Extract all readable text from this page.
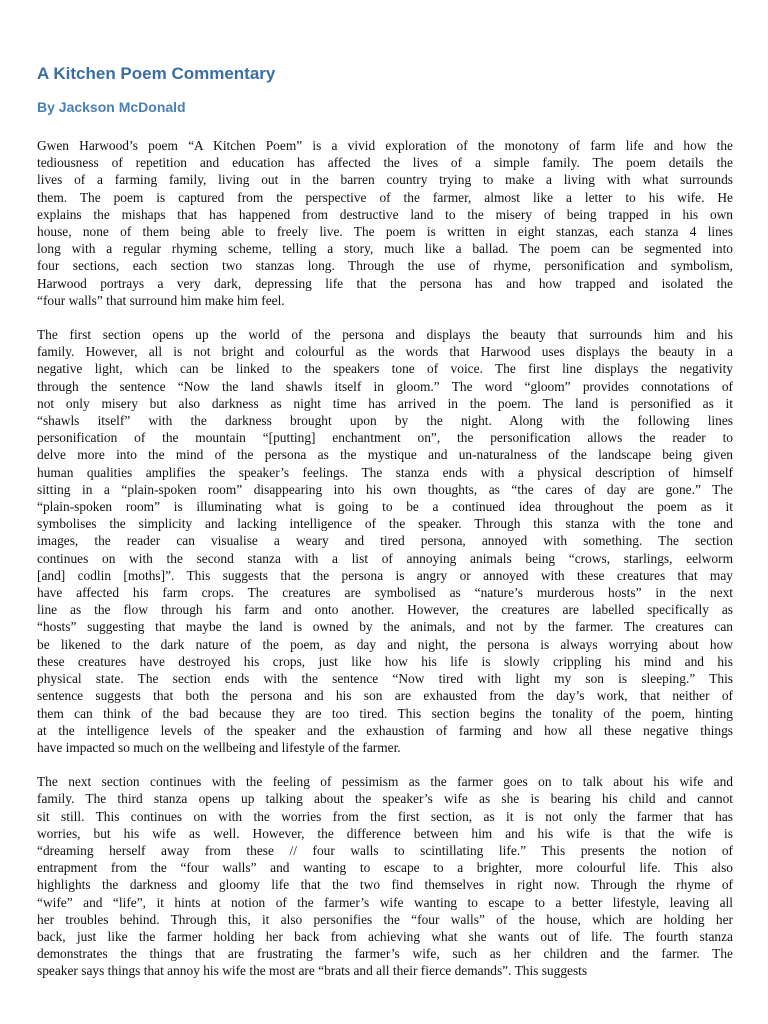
A Kitchen Poem Commentary
By Jackson McDonald
Gwen Harwood’s poem “A Kitchen Poem” is a vivid exploration of the monotony of farm life and how the
tediousness of repetition and education has affected the lives of a simple family. The poem details the
lives of a farming family, living out in the barren country trying to make a living with what surrounds
them. The poem is captured from the perspective of the farmer, almost like a letter to his wife. He
explains the mishaps that has happened from destructive land to the misery of being trapped in his own
house, none of them being able to freely live. The poem is written in eight stanzas, each stanza 4 lines
long with a regular rhyming scheme, telling a story, much like a ballad. The poem can be segmented into
four sections, each section two stanzas long. Through the use of rhyme, personification and symbolism,
Harwood portrays a very dark, depressing life that the persona has and how trapped and isolated the
“four walls” that surround him make him feel.
The first section opens up the world of the persona and displays the beauty that surrounds him and his
family. However, all is not bright and colourful as the words that Harwood uses displays the beauty in a
negative light, which can be linked to the speakers tone of voice. The first line displays the negativity
through the sentence “Now the land shawls itself in gloom.” The word “gloom” provides connotations of
not only misery but also darkness as night time has arrived in the poem. The land is personified as it
“shawls itself” with the darkness brought upon by the night. Along with the following lines
personification of the mountain “[putting] enchantment on”, the personification allows the reader to
delve more into the mind of the persona as the mystique and un-naturalness of the landscape being given
human qualities amplifies the speaker’s feelings. The stanza ends with a physical description of himself
sitting in a “plain-spoken room” disappearing into his own thoughts, as “the cares of day are gone.” The
“plain-spoken room” is illuminating what is going to be a continued idea throughout the poem as it
symbolises the simplicity and lacking intelligence of the speaker. Through this stanza with the tone and
images, the reader can visualise a weary and tired persona, annoyed with something. The section
continues on with the second stanza with a list of annoying animals being “crows, starlings, eelworm
[and] codlin [moths]”. This suggests that the persona is angry or annoyed with these creatures that may
have affected his farm crops. The creatures are symbolised as “nature’s murderous hosts” in the next
line as the flow through his farm and onto another. However, the creatures are labelled specifically as
“hosts” suggesting that maybe the land is owned by the animals, and not by the farmer. The creatures can
be likened to the dark nature of the poem, as day and night, the persona is always worrying about how
these creatures have destroyed his crops, just like how his life is slowly crippling his mind and his
physical state. The section ends with the sentence “Now tired with light my son is sleeping.” This
sentence suggests that both the persona and his son are exhausted from the day’s work, that neither of
them can think of the bad because they are too tired. This section begins the tonality of the poem, hinting
at the intelligence levels of the speaker and the exhaustion of farming and how all these negative things
have impacted so much on the wellbeing and lifestyle of the farmer.
The next section continues with the feeling of pessimism as the farmer goes on to talk about his wife and
family. The third stanza opens up talking about the speaker’s wife as she is bearing his child and cannot
sit still. This continues on with the worries from the first section, as it is not only the farmer that has
worries, but his wife as well. However, the difference between him and his wife is that the wife is
“dreaming herself away from these // four walls to scintillating life.” This presents the notion of
entrapment from the “four walls” and wanting to escape to a brighter, more colourful life. This also
highlights the darkness and gloomy life that the two find themselves in right now. Through the rhyme of
“wife” and “life”, it hints at notion of the farmer’s wife wanting to escape to a better lifestyle, leaving all
her troubles behind. Through this, it also personifies the “four walls” of the house, which are holding her
back, just like the farmer holding her back from achieving what she wants out of life. The fourth stanza
demonstrates the things that are frustrating the farmer’s wife, such as her children and the farmer. The
speaker says things that annoy his wife the most are “brats and all their fierce demands”. This suggests
